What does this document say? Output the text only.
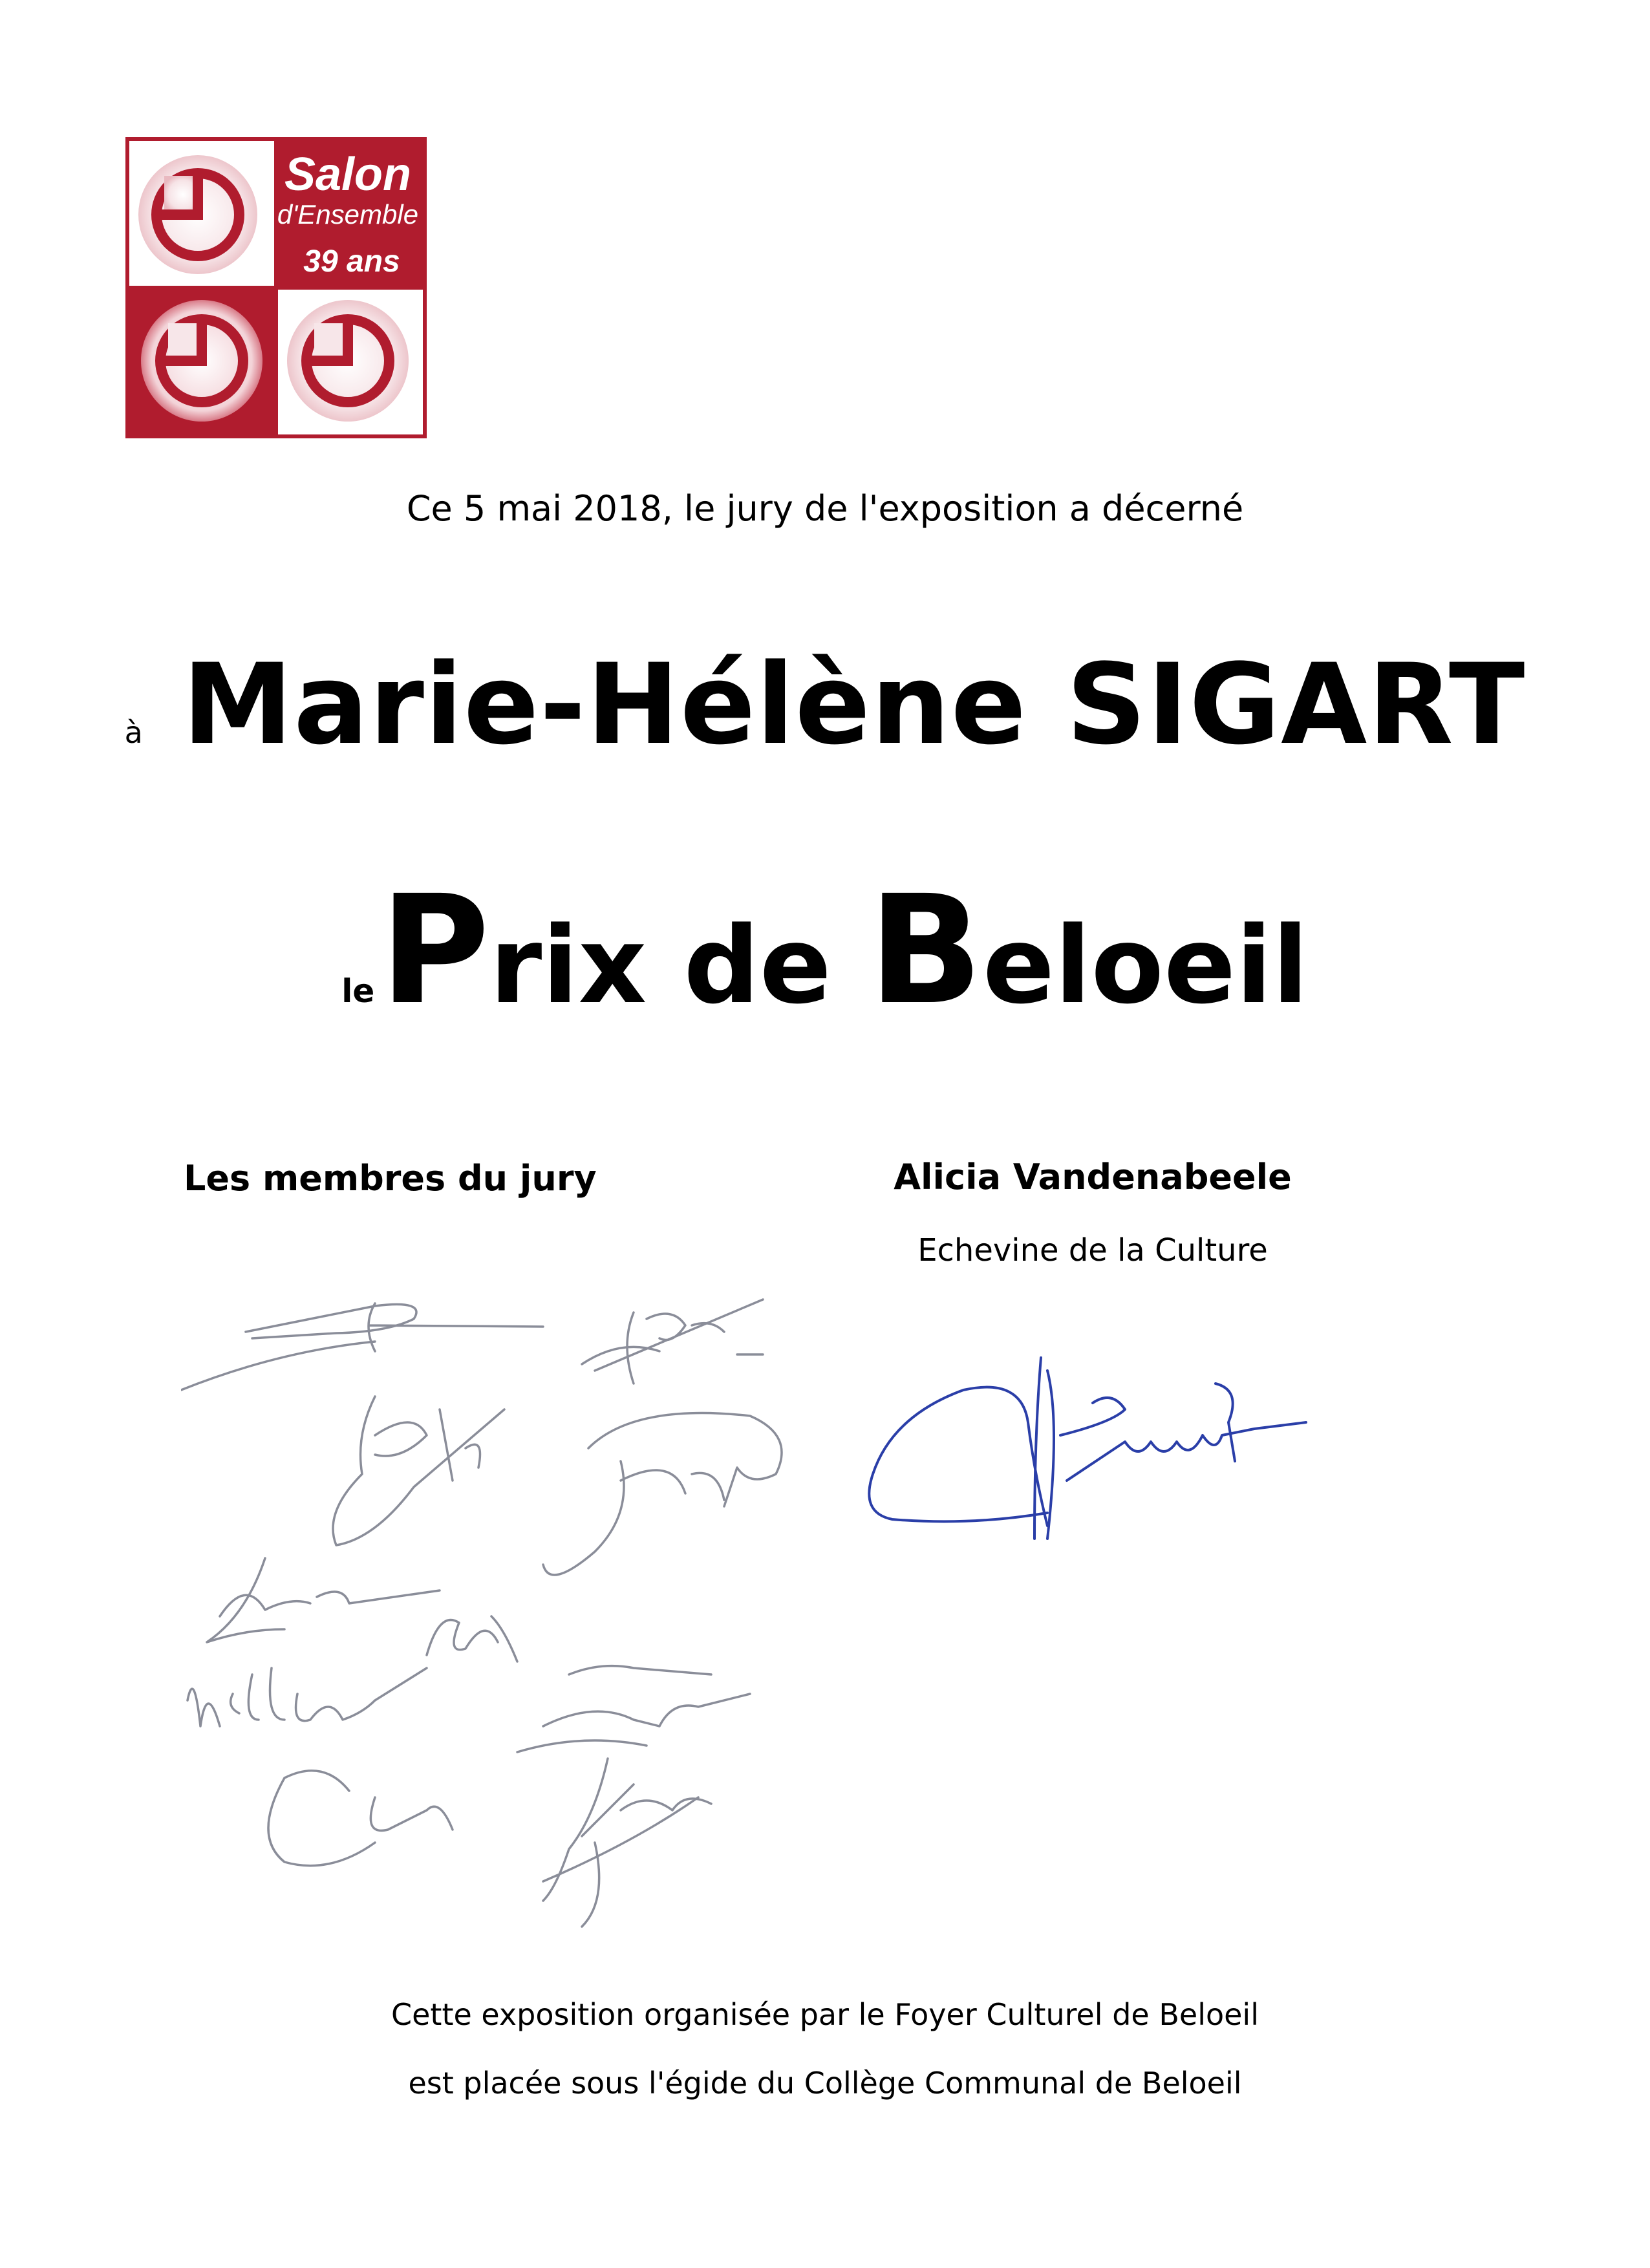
Salon
d'Ensemble
39 ans
Ce 5 mai 2018, le jury de l'exposition a décerné
à Marie-Hélène SIGART
lePrix de Beloeil
Les membres du jury	Alicia Vandenabeele
Echevine de la Culture
Cette exposition organisée par le Foyer Culturel de Beloeil
est placée sous l'égide du Collège Communal de Beloeil
